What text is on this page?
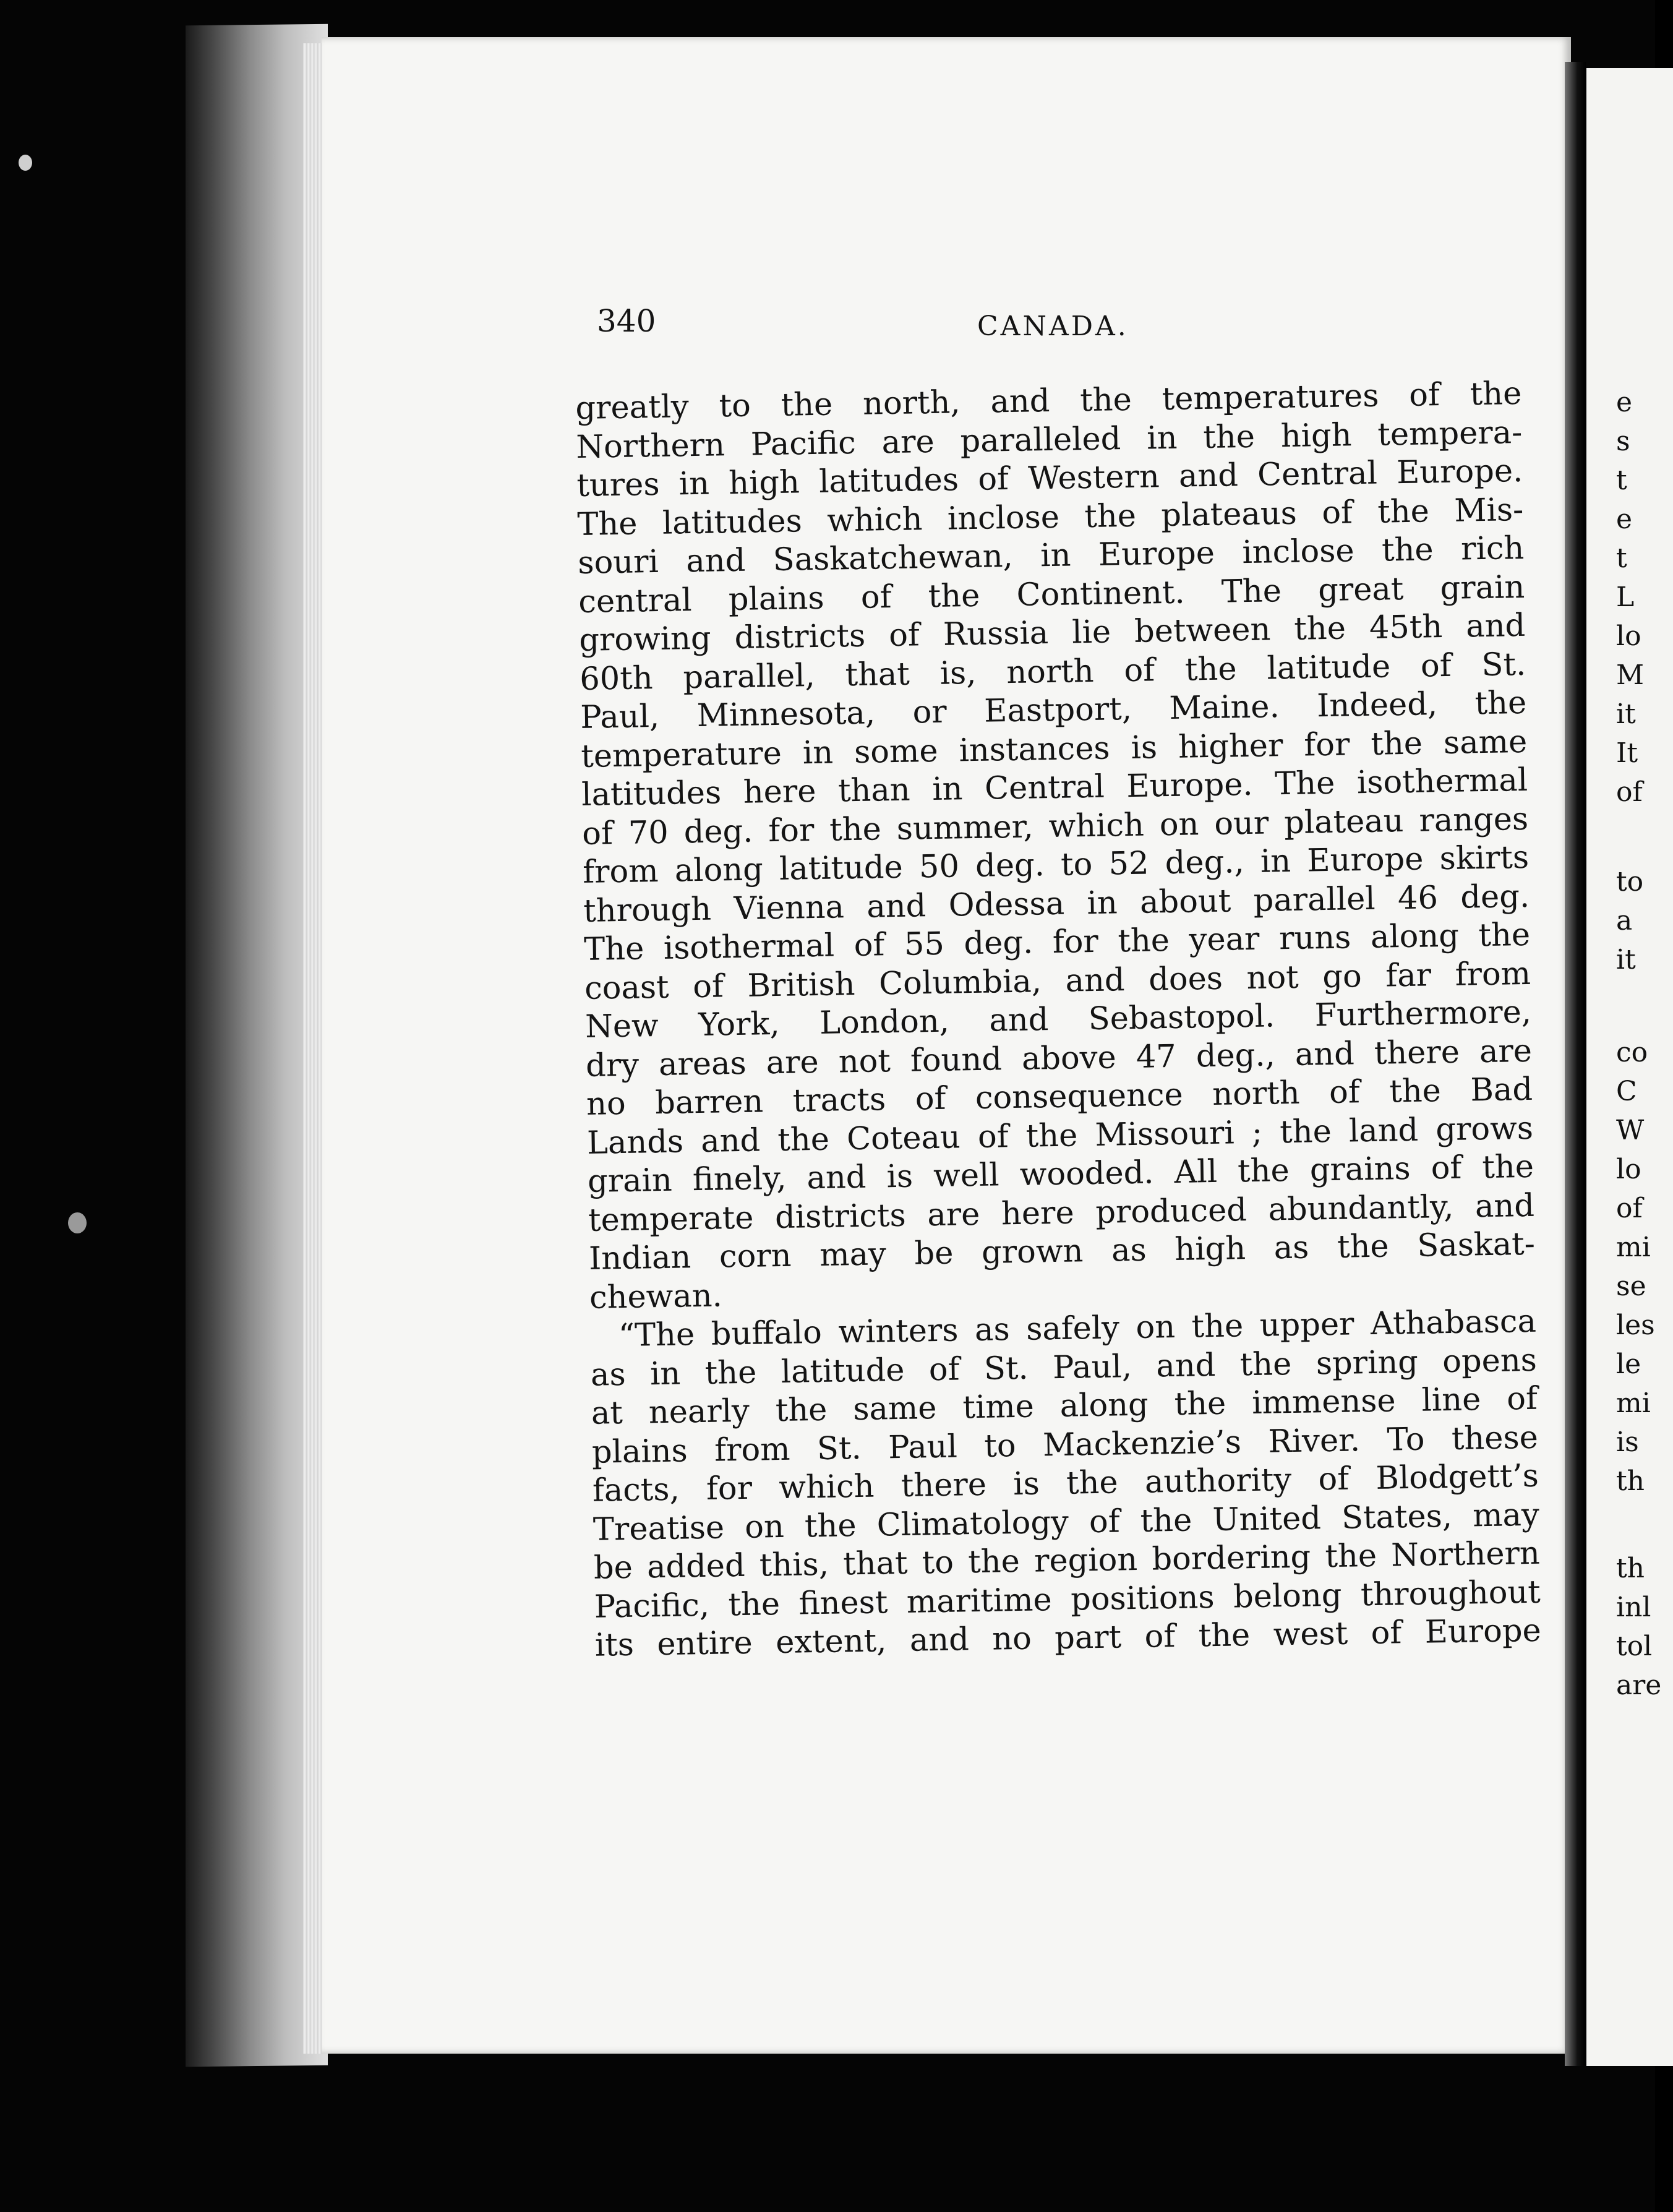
340	CANADA.
greatly to the north, and the temperatures of the
Northern Pacific are paralleled in the high tempera-
tures in high latitudes of Western and Central Europe.
The latitudes which inclose the plateaus of the Mis-
souri and Saskatchewan, in Europe inclose the rich
central plains of the Continent. The great grain
growing districts of Russia lie between the 45th and
60th parallel, that is, north of the latitude of St.
Paul, Minnesota, or Eastport, Maine. Indeed, the
temperature in some instances is higher for the same
latitudes here than in Central Europe. The isothermal
of 70 deg. for the summer, which on our plateau ranges
from along latitude 50 deg. to 52 deg., in Europe skirts
through Vienna and Odessa in about parallel 46 deg.
The isothermal of 55 deg. for the year runs along the
coast of British Columbia, and does not go far from
New York, London, and Sebastopol. Furthermore,
dry areas are not found above 47 deg., and there are
no barren tracts of consequence north of the Bad
Lands and the Coteau of the Missouri ; the land grows
grain finely, and is well wooded. All the grains of the
temperate districts are here produced abundantly, and
Indian corn may be grown as high as the Saskat-
chewan.
“The buffalo winters as safely on the upper Athabasca
as in the latitude of St. Paul, and the spring opens
at nearly the same time along the immense line of
plains from St. Paul to Mackenzie’s River. To these
facts, for which there is the authority of Blodgett’s
Treatise on the Climatology of the United States, may
be added this, that to the region bordering the Northern
Pacific, the finest maritime positions belong throughout
its entire extent, and no part of the west of Europe
e
s
t
e
t
L
lo
M
it
It
of
to
a
it
co
C
W
lo
of
mi
se
les
le
mi
is
th
th
inl
tol
are
